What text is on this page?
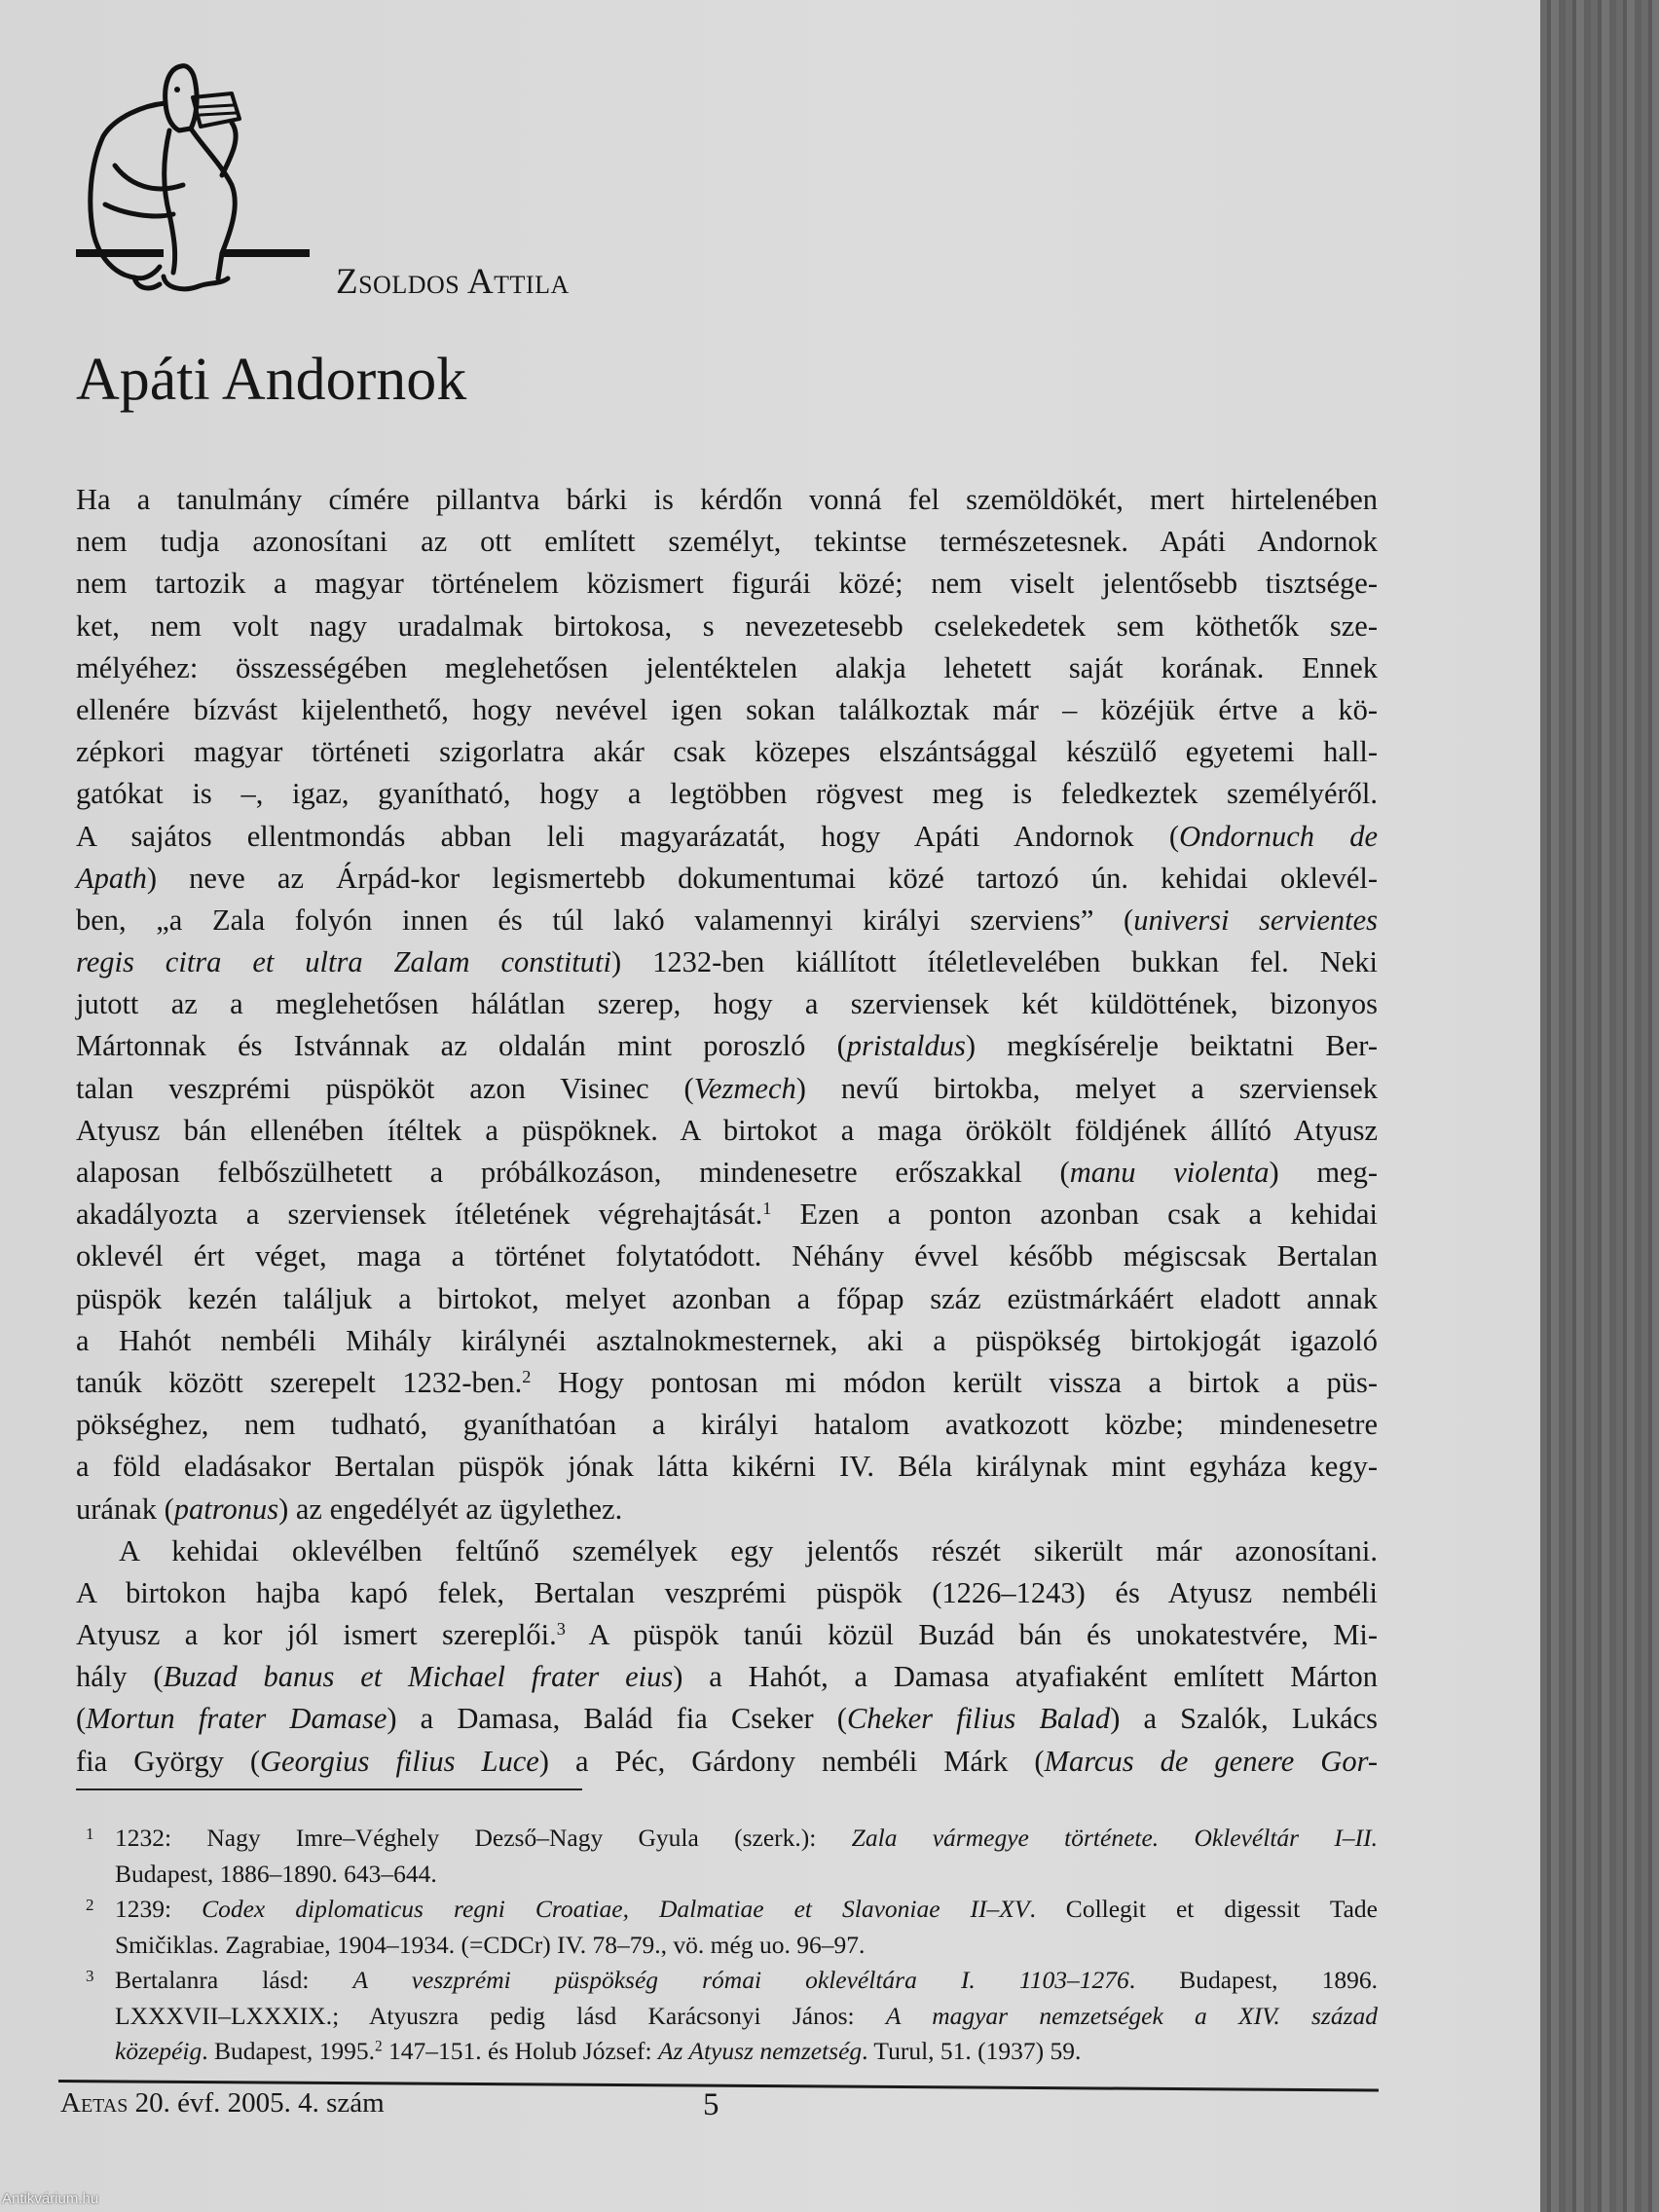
Zsoldos Attila
Apáti Andornok
Ha a tanulmány címére pillantva bárki is kérdőn vonná fel szemöldökét, mert hirtelenében
nem tudja azonosítani az ott említett személyt, tekintse természetesnek. Apáti Andornok
nem tartozik a magyar történelem közismert figurái közé; nem viselt jelentősebb tisztsége-
ket, nem volt nagy uradalmak birtokosa, s nevezetesebb cselekedetek sem köthetők sze-
mélyéhez: összességében meglehetősen jelentéktelen alakja lehetett saját korának. Ennek
ellenére bízvást kijelenthető, hogy nevével igen sokan találkoztak már – közéjük értve a kö-
zépkori magyar történeti szigorlatra akár csak közepes elszántsággal készülő egyetemi hall-
gatókat is –, igaz, gyanítható, hogy a legtöbben rögvest meg is feledkeztek személyéről.
A sajátos ellentmondás abban leli magyarázatát, hogy Apáti Andornok (Ondornuch de
Apath) neve az Árpád-kor legismertebb dokumentumai közé tartozó ún. kehidai oklevél-
ben, „a Zala folyón innen és túl lakó valamennyi királyi szerviens” (universi servientes
regis citra et ultra Zalam constituti) 1232-ben kiállított ítéletlevelében bukkan fel. Neki
jutott az a meglehetősen hálátlan szerep, hogy a szerviensek két küldöttének, bizonyos
Mártonnak és Istvánnak az oldalán mint poroszló (pristaldus) megkísérelje beiktatni Ber-
talan veszprémi püspököt azon Visinec (Vezmech) nevű birtokba, melyet a szerviensek
Atyusz bán ellenében ítéltek a püspöknek. A birtokot a maga örökölt földjének állító Atyusz
alaposan felbőszülhetett a próbálkozáson, mindenesetre erőszakkal (manu violenta) meg-
akadályozta a szerviensek ítéletének végrehajtását.$^1$ Ezen a ponton azonban csak a kehidai
oklevél ért véget, maga a történet folytatódott. Néhány évvel később mégiscsak Bertalan
püspök kezén találjuk a birtokot, melyet azonban a főpap száz ezüstmárkáért eladott annak
a Hahót nembéli Mihály királynéi asztalnokmesternek, aki a püspökség birtokjogát igazoló
tanúk között szerepelt 1232-ben.$^2$ Hogy pontosan mi módon került vissza a birtok a püs-
pökséghez, nem tudható, gyaníthatóan a királyi hatalom avatkozott közbe; mindenesetre
a föld eladásakor Bertalan püspök jónak látta kikérni IV. Béla királynak mint egyháza kegy-
urának (patronus) az engedélyét az ügylethez.
A kehidai oklevélben feltűnő személyek egy jelentős részét sikerült már azonosítani.
A birtokon hajba kapó felek, Bertalan veszprémi püspök (1226–1243) és Atyusz nembéli
Atyusz a kor jól ismert szereplői.$^3$ A püspök tanúi közül Buzád bán és unokatestvére, Mi-
hály (Buzad banus et Michael frater eius) a Hahót, a Damasa atyafiaként említett Márton
(Mortun frater Damase) a Damasa, Balád fia Cseker (Cheker filius Balad) a Szalók, Lukács
fia György (Georgius filius Luce) a Péc, Gárdony nembéli Márk (Marcus de genere Gor-
1 1232: Nagy Imre–Véghely Dezső–Nagy Gyula (szerk.): Zala vármegye története. Oklevéltár I–II.
Budapest, 1886–1890. 643–644.
2 1239: Codex diplomaticus regni Croatiae, Dalmatiae et Slavoniae II–XV. Collegit et digessit Tade
Smičiklas. Zagrabiae, 1904–1934. (=CDCr) IV. 78–79., vö. még uo. 96–97.
3 Bertalanra lásd: A veszprémi püspökség római oklevéltára I. 1103–1276. Budapest, 1896.
LXXXVII–LXXXIX.; Atyuszra pedig lásd Karácsonyi János: A magyar nemzetségek a XIV. század
közepéig. Budapest, 1995.$^2$ 147–151. és Holub József: Az Atyusz nemzetség. Turul, 51. (1937) 59.
Aetas 20. évf. 2005. 4. szám	5
Antikvárium.hu
